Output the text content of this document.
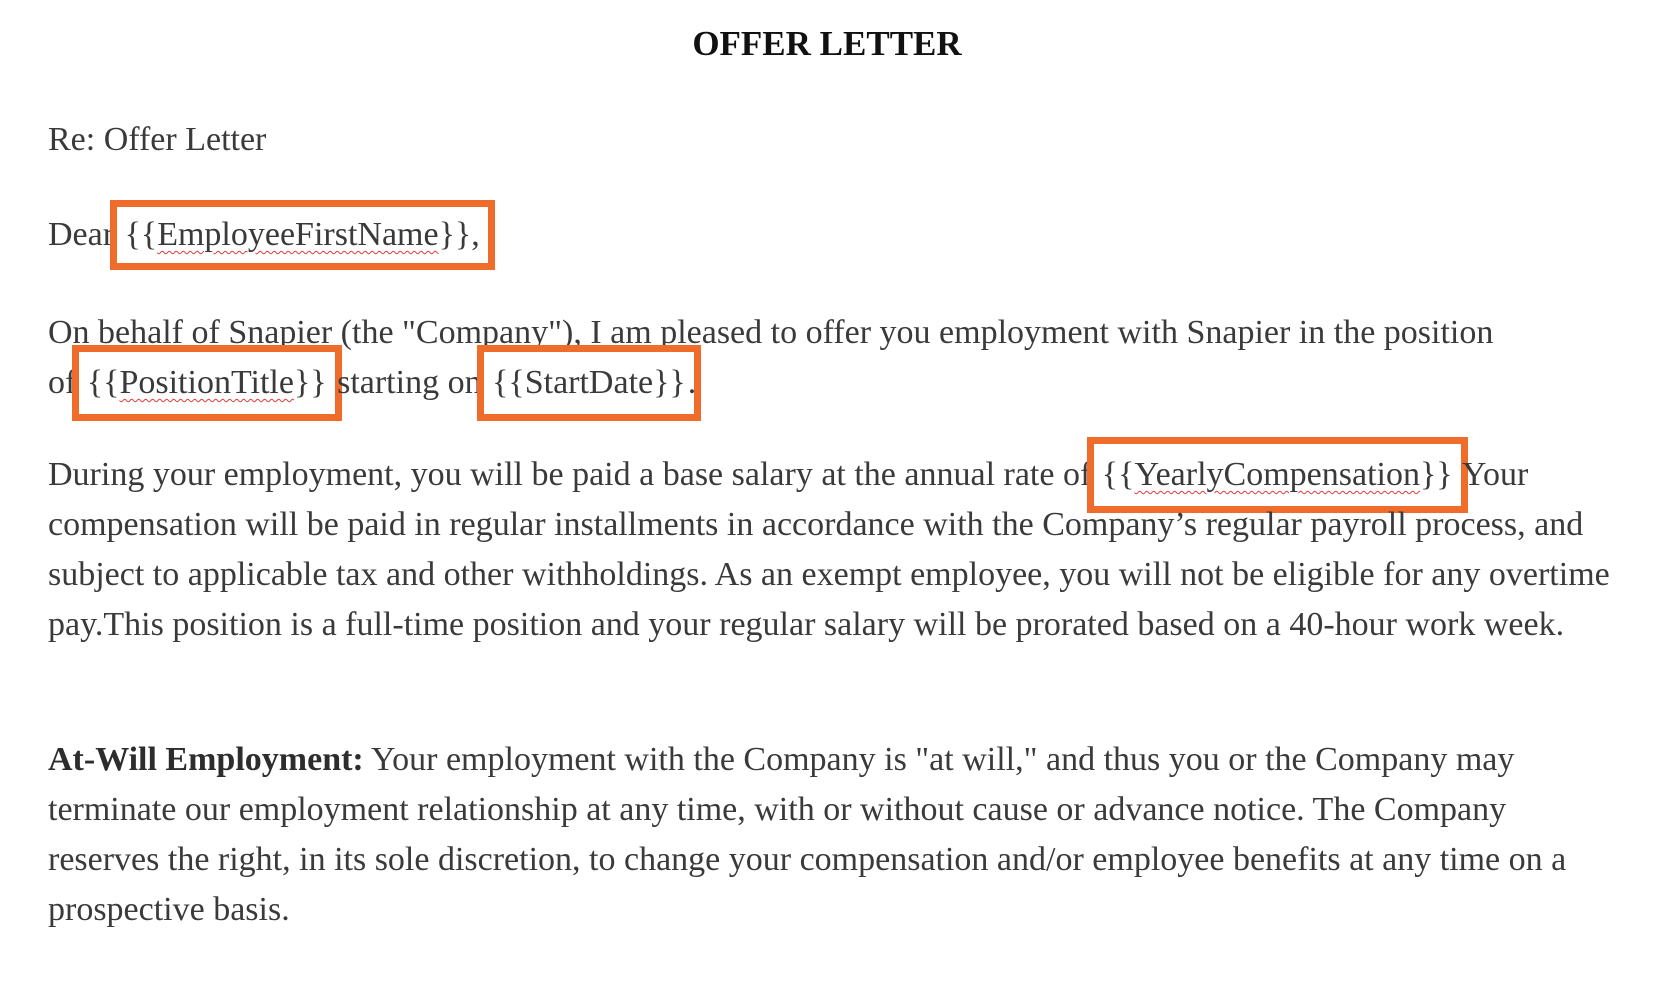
OFFER LETTER
Re: Offer Letter
Dear {{EmployeeFirstName}},
On behalf of Snapier (the "Company"), I am pleased to offer you employment with Snapier in the position
of {{PositionTitle}} starting on {{StartDate}}.
During your employment, you will be paid a base salary at the annual rate of {{YearlyCompensation}} Your compensation will be paid in regular installments in accordance with the Company’s regular payroll process, and subject to applicable tax and other withholdings. As an exempt employee, you will not be eligible for any overtime pay.This position is a full-time position and your regular salary will be prorated based on a 40-hour work week.
At-Will Employment: Your employment with the Company is "at will," and thus you or the Company may terminate our employment relationship at any time, with or without cause or advance notice. The Company reserves the right, in its sole discretion, to change your compensation and/or employee benefits at any time on a prospective basis.
